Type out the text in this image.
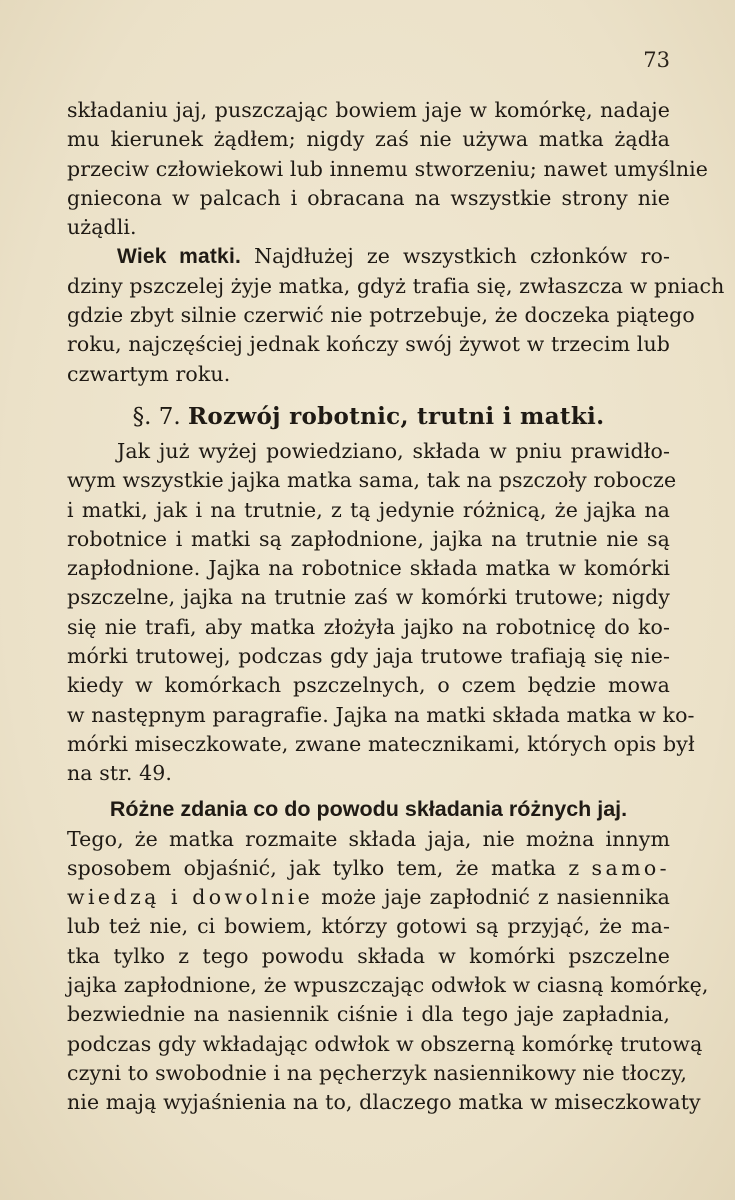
73
składaniu jaj, puszczając bowiem jaje w komórkę, nadaje
mu kierunek żądłem; nigdy zaś nie używa matka żądła
przeciw człowiekowi lub innemu stworzeniu; nawet umyślnie
gniecona w palcach i obracana na wszystkie strony nie
użądli.
Wiek matki. Najdłużej ze wszystkich członków ro-
dziny pszczelej żyje matka, gdyż trafia się, zwłaszcza w pniach
gdzie zbyt silnie czerwić nie potrzebuje, że doczeka piątego
roku, najczęściej jednak kończy swój żywot w trzecim lub
czwartym roku.
§. 7. Rozwój robotnic, trutni i matki.
Jak już wyżej powiedziano, składa w pniu prawidło-
wym wszystkie jajka matka sama, tak na pszczoły robocze
i matki, jak i na trutnie, z tą jedynie różnicą, że jajka na
robotnice i matki są zapłodnione, jajka na trutnie nie są
zapłodnione. Jajka na robotnice składa matka w komórki
pszczelne, jajka na trutnie zaś w komórki trutowe; nigdy
się nie trafi, aby matka złożyła jajko na robotnicę do ko-
mórki trutowej, podczas gdy jaja trutowe trafiają się nie-
kiedy w komórkach pszczelnych, o czem będzie mowa
w następnym paragrafie. Jajka na matki składa matka w ko-
mórki miseczkowate, zwane matecznikami, których opis był
na str. 49.
Różne zdania co do powodu składania różnych jaj.
Tego, że matka rozmaite składa jaja, nie można innym
sposobem objaśnić, jak tylko tem, że matka z samo-
wiedzą i dowolnie może jaje zapłodnić z nasiennika
lub też nie, ci bowiem, którzy gotowi są przyjąć, że ma-
tka tylko z tego powodu składa w komórki pszczelne
jajka zapłodnione, że wpuszczając odwłok w ciasną komórkę,
bezwiednie na nasiennik ciśnie i dla tego jaje zapładnia,
podczas gdy wkładając odwłok w obszerną komórkę trutową
czyni to swobodnie i na pęcherzyk nasiennikowy nie tłoczy,
nie mają wyjaśnienia na to, dlaczego matka w miseczkowaty
